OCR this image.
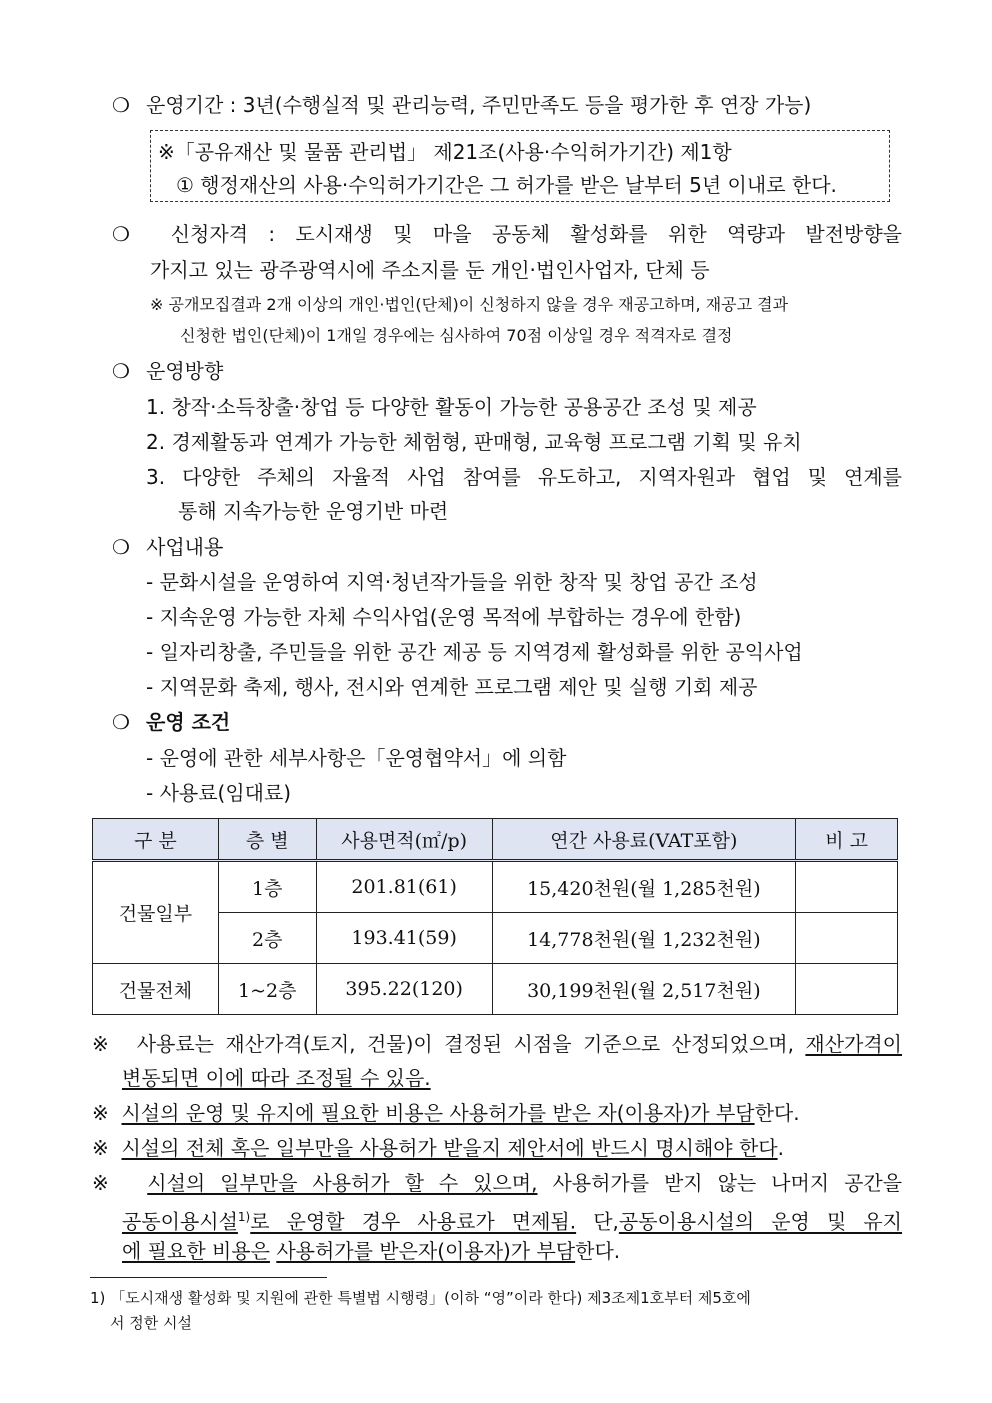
❍ 운영기간 : 3년(수행실적 및 관리능력, 주민만족도 등을 평가한 후 연장 가능)
※「공유재산 및 물품 관리법」 제21조(사용·수익허가기간) 제1항
① 행정재산의 사용·수익허가기간은 그 허가를 받은 날부터 5년 이내로 한다.
❍ 신청자격 : 도시재생 및 마을 공동체 활성화를 위한 역량과 발전방향을
가지고 있는 광주광역시에 주소지를 둔 개인·법인사업자, 단체 등
※ 공개모집결과 2개 이상의 개인·법인(단체)이 신청하지 않을 경우 재공고하며, 재공고 결과
신청한 법인(단체)이 1개일 경우에는 심사하여 70점 이상일 경우 적격자로 결정
❍ 운영방향
1. 창작·소득창출·창업 등 다양한 활동이 가능한 공용공간 조성 및 제공
2. 경제활동과 연계가 가능한 체험형, 판매형, 교육형 프로그램 기획 및 유치
3. 다양한 주체의 자율적 사업 참여를 유도하고, 지역자원과 협업 및 연계를
통해 지속가능한 운영기반 마련
❍ 사업내용
- 문화시설을 운영하여 지역·청년작가들을 위한 창작 및 창업 공간 조성
- 지속운영 가능한 자체 수익사업(운영 목적에 부합하는 경우에 한함)
- 일자리창출, 주민들을 위한 공간 제공 등 지역경제 활성화를 위한 공익사업
- 지역문화 축제, 행사, 전시와 연계한 프로그램 제안 및 실행 기회 제공
❍ 운영 조건
- 운영에 관한 세부사항은「운영협약서」에 의함
- 사용료(임대료)
구 분	층 별	사용면적(㎡/p)	연간 사용료(VAT포함)	비 고
건물일부	1층	201.81(61)	15,420천원(월 1,285천원)	
	2층	193.41(59)	14,778천원(월 1,232천원)	
건물전체	1~2층	395.22(120)	30,199천원(월 2,517천원)	
※ 사용료는 재산가격(토지, 건물)이 결정된 시점을 기준으로 산정되었으며, 재산가격이
변동되면 이에 따라 조정될 수 있음.
※ 시설의 운영 및 유지에 필요한 비용은 사용허가를 받은 자(이용자)가 부담한다.
※ 시설의 전체 혹은 일부만을 사용허가 받을지 제안서에 반드시 명시해야 한다.
※ 시설의 일부만을 사용허가 할 수 있으며, 사용허가를 받지 않는 나머지 공간을
공동이용시설$^{1)}$로 운영할 경우 사용료가 면제됨. 단,공동이용시설의 운영 및 유지
에 필요한 비용은 사용허가를 받은자(이용자)가 부담한다.
1) 「도시재생 활성화 및 지원에 관한 특별법 시행령」(이하 “영”이라 한다) 제3조제1호부터 제5호에
서 정한 시설
